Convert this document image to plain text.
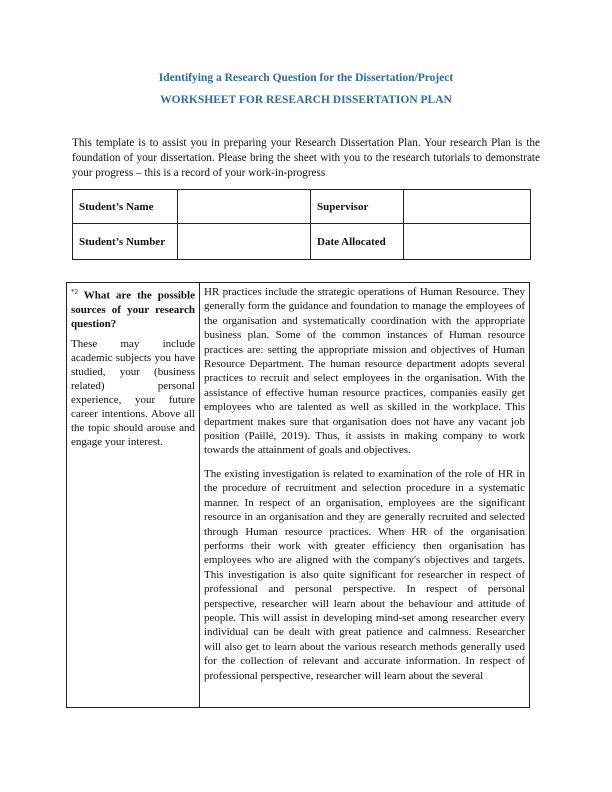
Identifying a Research Question for the Dissertation/Project
WORKSHEET FOR RESEARCH DISSERTATION PLAN
This template is to assist you in preparing your Research Dissertation Plan. Your research Plan is the foundation of your dissertation. Please bring the sheet with you to the research tutorials to demonstrate your progress – this is a record of your work-in-progress
Student’s Name		Supervisor	
Student’s Number		Date Allocated	

$^{*2}$ What are the possible sources of your research question?

These may include academic subjects you have studied, your (business related) personal experience, your future career intentions. Above all the topic should arouse and engage your interest.

HR practices include the strategic operations of Human Resource. They generally form the guidance and foundation to manage the employees of the organisation and systematically coordination with the appropriate business plan. Some of the common instances of Human resource practices are: setting the appropriate mission and objectives of Human Resource Department. The human resource department adopts several practices to recruit and select employees in the organisation. With the assistance of effective human resource practices, companies easily get employees who are talented as well as skilled in the workplace. This department makes sure that organisation does not have any vacant job position (Paillé, 2019). Thus, it assists in making company to work towards the attainment of goals and objectives.

The existing investigation is related to examination of the role of HR in the procedure of recruitment and selection procedure in a systematic manner. In respect of an organisation, employees are the significant resource in an organisation and they are generally recruited and selected through Human resource practices. When HR of the organisation performs their work with greater efficiency then organisation has employees who are aligned with the company's objectives and targets. This investigation is also quite significant for researcher in respect of professional and personal perspective. In respect of personal perspective, researcher will learn about the behaviour and attitude of people. This will assist in developing mind-set among researcher every individual can be dealt with great patience and calmness. Researcher will also get to learn about the various research methods generally used for the collection of relevant and accurate information. In respect of professional perspective, researcher will learn about the several
